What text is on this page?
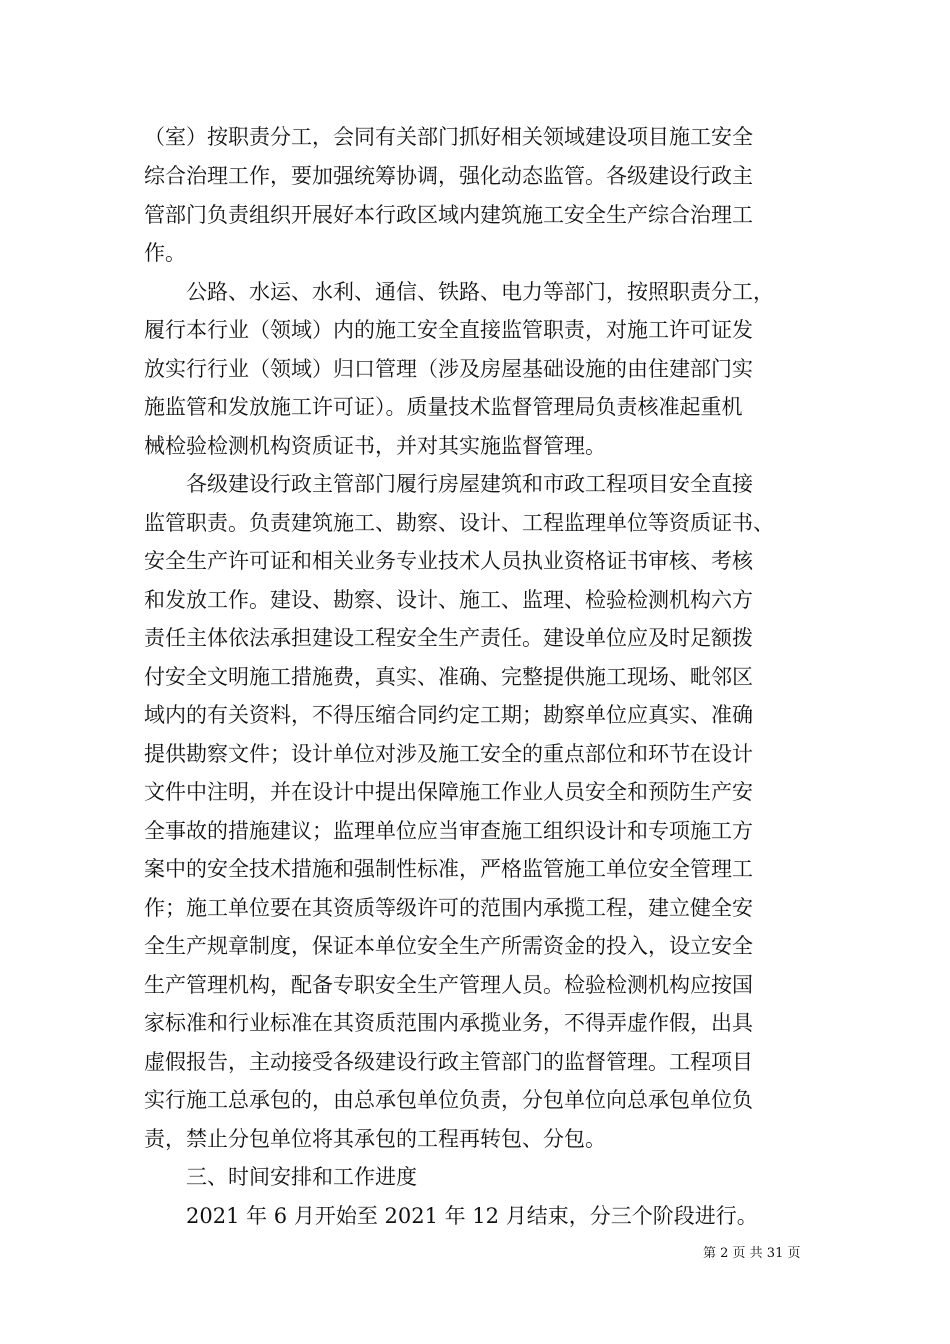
（室）按职责分工，会同有关部门抓好相关领域建设项目施工安全
综合治理工作，要加强统筹协调，强化动态监管。各级建设行政主
管部门负责组织开展好本行政区域内建筑施工安全生产综合治理工
作。
公路、水运、水利、通信、铁路、电力等部门，按照职责分工，
履行本行业（领域）内的施工安全直接监管职责，对施工许可证发
放实行行业（领域）归口管理（涉及房屋基础设施的由住建部门实
施监管和发放施工许可证）。质量技术监督管理局负责核准起重机
械检验检测机构资质证书，并对其实施监督管理。
各级建设行政主管部门履行房屋建筑和市政工程项目安全直接
监管职责。负责建筑施工、勘察、设计、工程监理单位等资质证书、
安全生产许可证和相关业务专业技术人员执业资格证书审核、考核
和发放工作。建设、勘察、设计、施工、监理、检验检测机构六方
责任主体依法承担建设工程安全生产责任。建设单位应及时足额拨
付安全文明施工措施费，真实、准确、完整提供施工现场、毗邻区
域内的有关资料，不得压缩合同约定工期；勘察单位应真实、准确
提供勘察文件；设计单位对涉及施工安全的重点部位和环节在设计
文件中注明，并在设计中提出保障施工作业人员安全和预防生产安
全事故的措施建议；监理单位应当审查施工组织设计和专项施工方
案中的安全技术措施和强制性标准，严格监管施工单位安全管理工
作；施工单位要在其资质等级许可的范围内承揽工程，建立健全安
全生产规章制度，保证本单位安全生产所需资金的投入，设立安全
生产管理机构，配备专职安全生产管理人员。检验检测机构应按国
家标准和行业标准在其资质范围内承揽业务，不得弄虚作假，出具
虚假报告，主动接受各级建设行政主管部门的监督管理。工程项目
实行施工总承包的，由总承包单位负责，分包单位向总承包单位负
责，禁止分包单位将其承包的工程再转包、分包。
三、时间安排和工作进度
2021 年 6 月开始至 2021 年 12 月结束，分三个阶段进行。
第 2 页 共 31 页
